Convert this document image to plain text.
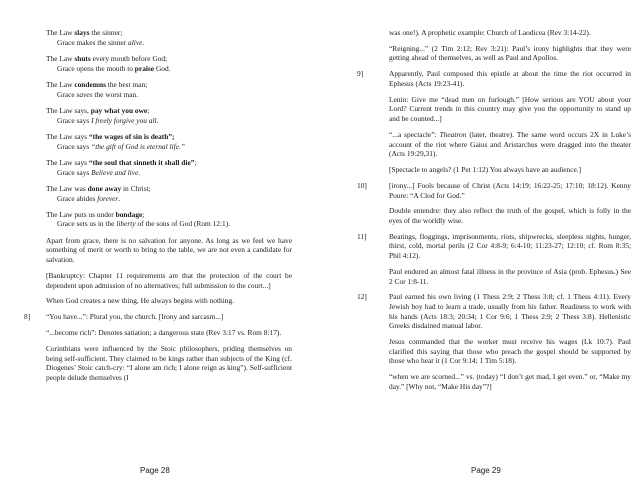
The Law slays the sinner;
Grace makes the sinner alive.
The Law shuts every mouth before God;
Grace opens the mouth to praise God.
The Law condemns the best man;
Grace saves the worst man.
The Law says, pay what you owe;
Grace says I freely forgive you all.
The Law says “the wages of sin is death”;
Grace says “the gift of God is eternal life.”
The Law says “the soul that sinneth it shall die”;
Grace says Believe and live.
The Law was done away in Christ;
Grace abides forever.
The Law puts us under bondage;
Grace sets us in the liberty of the sons of God (Rom 12:1).

Apart from grace, there is no salvation for anyone. As long as we feel we have something of merit or worth to bring to the table, we are not even a candidate for salvation.

[Bankruptcy: Chapter 11 requirements are that the protection of the court be dependent upon admission of no alternatives; full submission to the court...]

When God creates a new thing, He always begins with nothing.

8] “You have...”: Plural you, the church. [Irony and sarcasm...]

“...become rich”: Denotes satiation; a dangerous state (Rev 3:17 vs. Rom 8:17).

Corinthians were influenced by the Stoic philosophers, priding themselves on being self-sufficient. They claimed to be kings rather than subjects of the King (cf. Diogenes’ Stoic catch-cry: “I alone am rich; I alone reign as king”). Self-sufficient people delude themselves (I

Page 28

was one!). A prophetic example: Church of Laodicea (Rev 3:14-22).

“Reigning...” (2 Tim 2:12; Rev 3:21): Paul’s irony highlights that they were getting ahead of themselves, as well as Paul and Apollos.

9]	Apparently, Paul composed this epistle at about the time the riot occurred in Ephesus (Acts 19:23-41).

Lenin: Give me “dead men on furlough.” [How serious are YOU about your Lord? Current trends in this country may give you the opportunity to stand up and be counted...]

“...a spectacle”: Theatron (later, theatre). The same word occurs 2X in Luke’s account of the riot where Gaius and Aristarchus were dragged into the theater (Acts 19:29,31).

[Spectacle to angels? (1 Pet 1:12) You always have an audience.]

10]	[irony...] Fools because of Christ (Acts 14:19; 16:22-25; 17:10; 18:12). Kenny Poure: “A Clod for God.”

Double entendre: they also reflect the truth of the gospel, which is folly in the eyes of the worldly wise.

11]	Beatings, floggings, imprisonments, riots, shipwrecks, sleepless nights, hunger, thirst, cold, mortal perils (2 Cor 4:8-9; 6:4-10; 11:23-27; 12:10; cf. Rom 8:35; Phil 4:12).

Paul endured an almost fatal illness in the province of Asia (prob. Ephesus.) See 2 Cor 1:8-11.

12]	Paul earned his own living (1 Thess 2:9; 2 Thess 3:8; cf. 1 Thess 4:11). Every Jewish boy had to learn a trade, usually from his father. Readiness to work with his hands (Acts 18:3; 20:34; 1 Cor 9:6; 1 Thess 2:9; 2 Thess 3:8). Hellenistic Greeks disdained manual labor.

Jesus commanded that the worker must receive his wages (Lk 10:7). Paul clarified this saying that those who preach the gospel should be supported by those who hear it (1 Cor 9:14; 1 Tim 5:18).

“when we are scorned...” vs. (today) “I don’t get mad, I get even.” or, “Make my day.” [Why not, “Make His day”?]

Page 29
